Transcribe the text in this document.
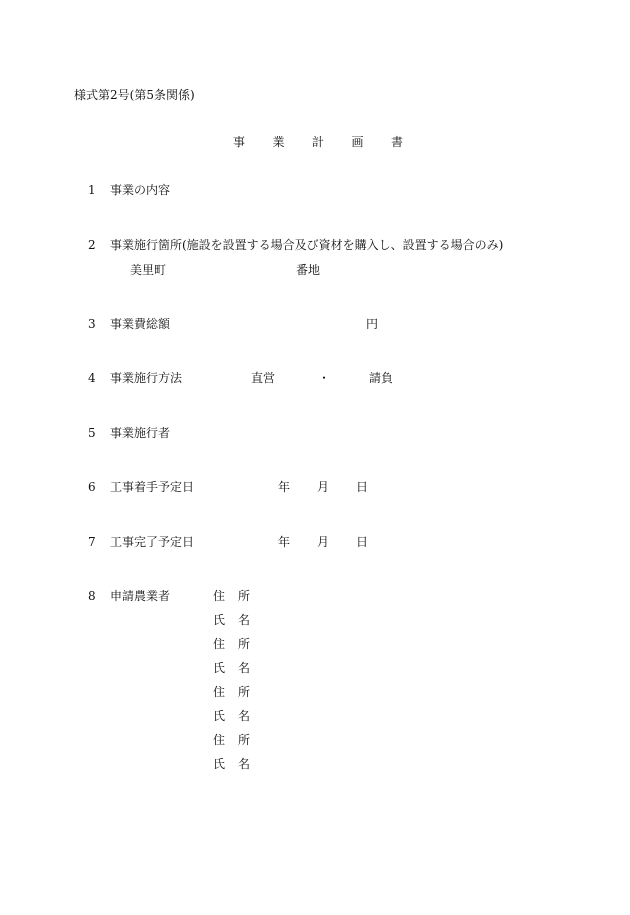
様式第2号(第5条関係)
事 業 計 画 書
1 事業の内容
2 事業施行箇所(施設を設置する場合及び資材を購入し、設置する場合のみ)
美里町	番地
3 事業費総額	円
4 事業施行方法	直営	・	請負
5 事業施行者
6 工事着手予定日	年 月 日
7 工事完了予定日	年 月 日
8 申請農業者	住 所
氏 名
住 所
氏 名
住 所
氏 名
住 所
氏 名
